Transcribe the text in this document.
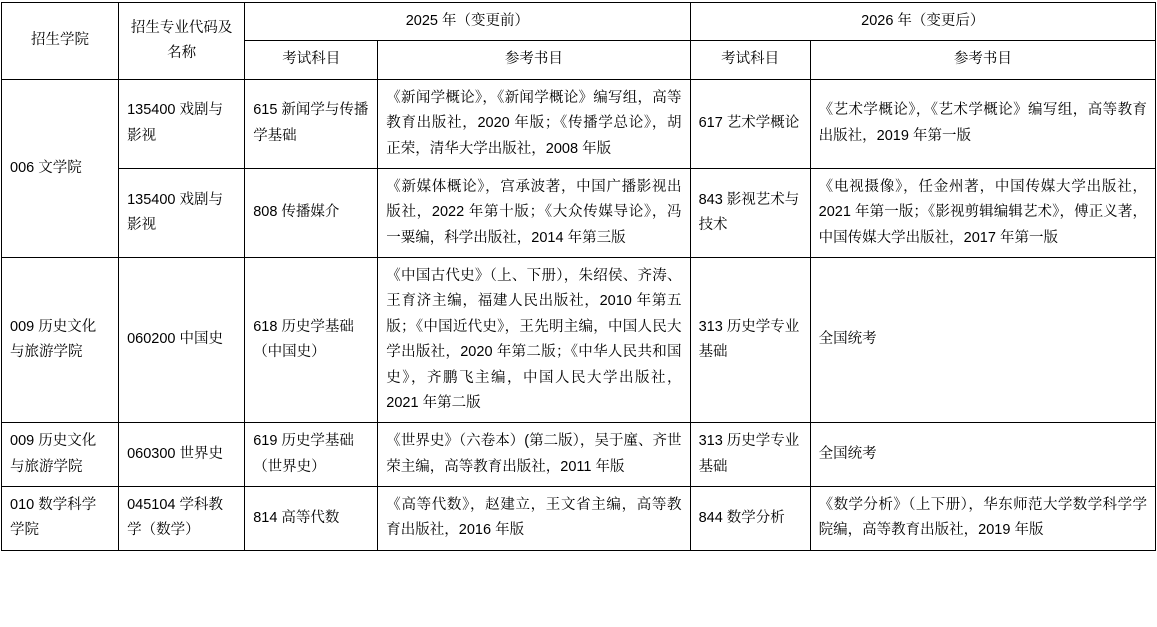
招生学院	招生专业代码及名称	2025 年（变更前）		2026 年（变更后）	
		考试科目	参考书目	考试科目	参考书目
006 文学院	135400 戏剧与影视	615 新闻学与传播学基础	《新闻学概论》，《新闻学概论》编写组，高等教育出版社，2020 年版；《传播学总论》，胡正荣，清华大学出版社，2008 年版	617 艺术学概论	《艺术学概论》，《艺术学概论》编写组，高等教育出版社，2019 年第一版
	135400 戏剧与影视	808 传播媒介	《新媒体概论》，宫承波著，中国广播影视出版社，2022 年第十版；《大众传媒导论》，冯一粟编，科学出版社，2014 年第三版	843 影视艺术与技术	《电视摄像》，任金州著，中国传媒大学出版社，2021 年第一版；《影视剪辑编辑艺术》，傅正义著，中国传媒大学出版社，2017 年第一版
009 历史文化与旅游学院	060200 中国史	618 历史学基础（中国史）	《中国古代史》（上、下册），朱绍侯、齐涛、王育济主编，福建人民出版社，2010 年第五版；《中国近代史》，王先明主编，中国人民大学出版社，2020 年第二版；《中华人民共和国史》，齐鹏飞主编，中国人民大学出版社，2021 年第二版	313 历史学专业基础	全国统考
009 历史文化与旅游学院	060300 世界史	619 历史学基础（世界史）	《世界史》（六卷本）(第二版），吴于廑、齐世荣主编，高等教育出版社，2011 年版	313 历史学专业基础	全国统考
010 数学科学学院	045104 学科教学（数学）	814 高等代数	《高等代数》，赵建立，王文省主编，高等教育出版社，2016 年版	844 数学分析	《数学分析》（上下册），华东师范大学数学科学学院编，高等教育出版社，2019 年版
